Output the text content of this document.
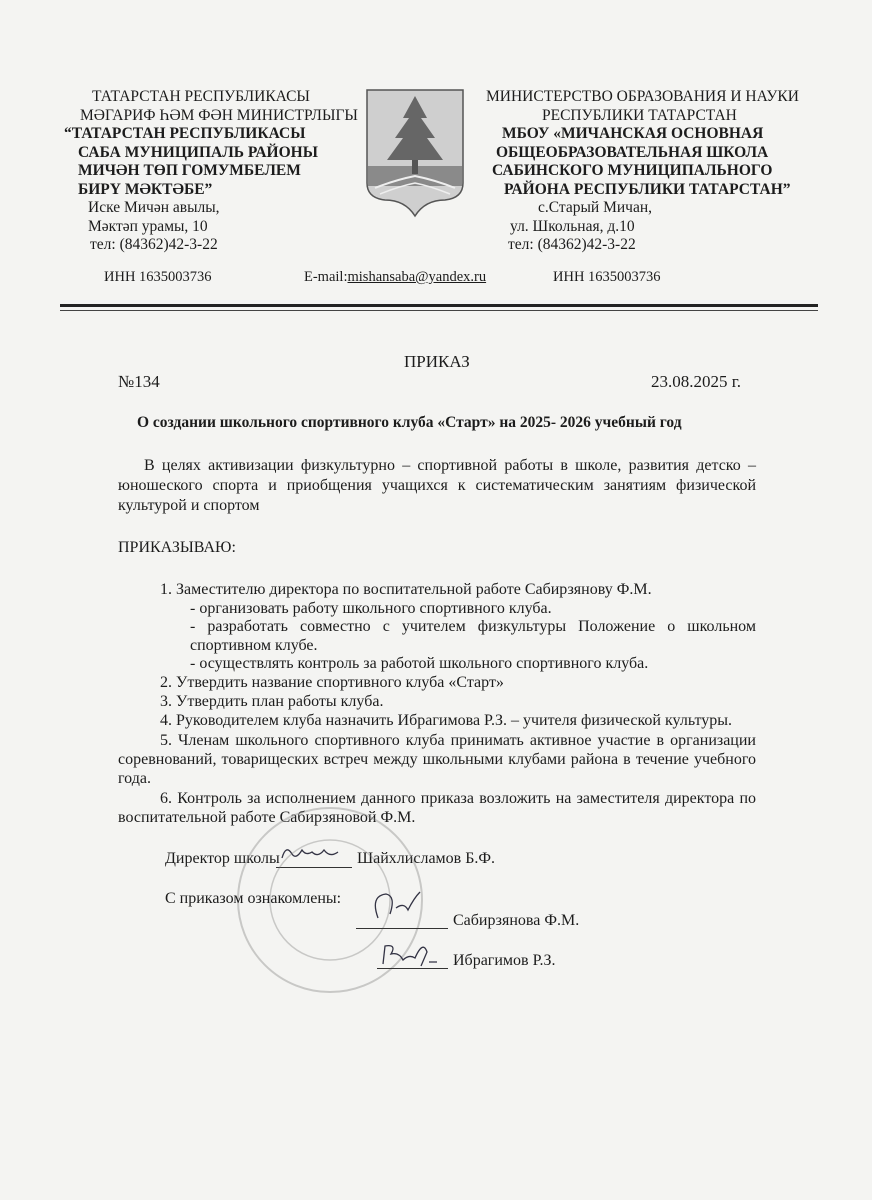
ТАТАРСТАН РЕСПУБЛИКАСЫ
МӘГАРИФ ҺӘМ ФӘН МИНИСТРЛЫГЫ
“ТАТАРСТАН РЕСПУБЛИКАСЫ
САБА МУНИЦИПАЛЬ РАЙОНЫ
МИЧӘН ТӨП ГОМУМБЕЛЕМ
БИРҮ МӘКТӘБЕ”
Иске Мичән авылы,
Мәктәп урамы, 10
тел: (84362)42-3-22
МИНИСТЕРСТВО ОБРАЗОВАНИЯ И НАУКИ
РЕСПУБЛИКИ ТАТАРСТАН
МБОУ «МИЧАНСКАЯ ОСНОВНАЯ
ОБЩЕОБРАЗОВАТЕЛЬНАЯ ШКОЛА
САБИНСКОГО МУНИЦИПАЛЬНОГО
РАЙОНА РЕСПУБЛИКИ ТАТАРСТАН”
с.Старый Мичан,
ул. Школьная, д.10
тел: (84362)42-3-22
ИНН 1635003736	E-mail:mishansaba@yandex.ru	ИНН 1635003736
ПРИКАЗ
№134	23.08.2025 г.
О создании школьного спортивного клуба «Старт» на 2025- 2026 учебный год
В целях активизации физкультурно – спортивной работы в школе, развития детско – юношеского спорта и приобщения учащихся к систематическим занятиям физической культурой и спортом
ПРИКАЗЫВАЮ:
1. Заместителю директора по воспитательной работе Сабирзянову Ф.М.
- организовать работу школьного спортивного клуба.
- разработать совместно с учителем физкультуры Положение о школьном спортивном клубе.
- осуществлять контроль за работой школьного спортивного клуба.
2. Утвердить название спортивного клуба «Старт»
3. Утвердить план работы клуба.
4. Руководителем клуба назначить Ибрагимова Р.З. – учителя физической культуры.
5. Членам школьного спортивного клуба принимать активное участие в организации соревнований, товарищеских встреч между школьными клубами района в течение учебного года.
6. Контроль за исполнением данного приказа возложить на заместителя директора по воспитательной работе Сабирзяновой Ф.М.
Директор школы	Шайхлисламов Б.Ф.
С приказом ознакомлены:
Сабирзянова Ф.М.
Ибрагимов Р.З.
